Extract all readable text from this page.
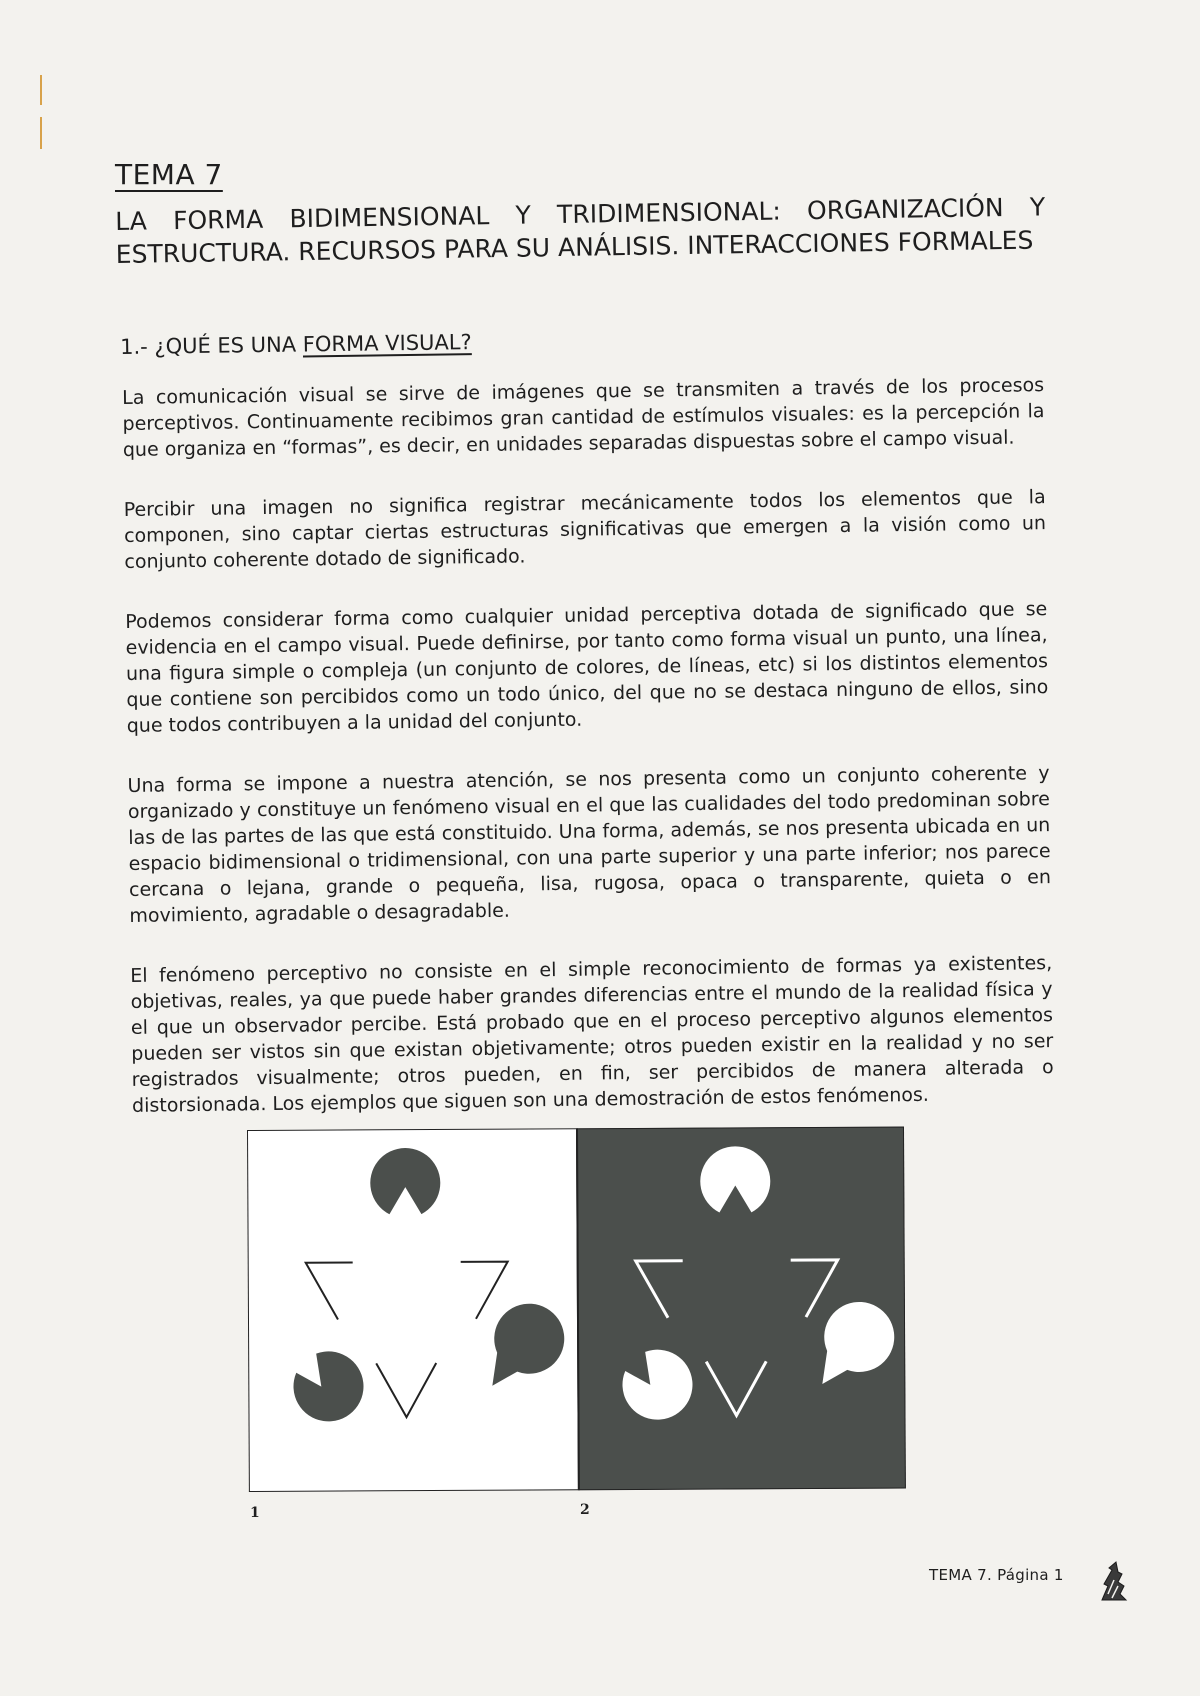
TEMA 7
LA FORMA BIDIMENSIONAL Y TRIDIMENSIONAL: ORGANIZACIÓN Y ESTRUCTURA. RECURSOS PARA SU ANÁLISIS. INTERACCIONES FORMALES
1.- ¿QUÉ ES UNA FORMA VISUAL?

La comunicación visual se sirve de imágenes que se transmiten a través de los procesos perceptivos. Continuamente recibimos gran cantidad de estímulos visuales: es la percepción la que organiza en “formas”, es decir, en unidades separadas dispuestas sobre el campo visual.

Percibir una imagen no significa registrar mecánicamente todos los elementos que la componen, sino captar ciertas estructuras significativas que emergen a la visión como un conjunto coherente dotado de significado.

Podemos considerar forma como cualquier unidad perceptiva dotada de significado que se evidencia en el campo visual. Puede definirse, por tanto como forma visual un punto, una línea, una figura simple o compleja (un conjunto de colores, de líneas, etc) si los distintos elementos que contiene son percibidos como un todo único, del que no se destaca ninguno de ellos, sino que todos contribuyen a la unidad del conjunto.

Una forma se impone a nuestra atención, se nos presenta como un conjunto coherente y organizado y constituye un fenómeno visual en el que las cualidades del todo predominan sobre las de las partes de las que está constituido. Una forma, además, se nos presenta ubicada en un espacio bidimensional o tridimensional, con una parte superior y una parte inferior; nos parece cercana o lejana, grande o pequeña, lisa, rugosa, opaca o transparente, quieta o en movimiento, agradable o desagradable.

El fenómeno perceptivo no consiste en el simple reconocimiento de formas ya existentes, objetivas, reales, ya que puede haber grandes diferencias entre el mundo de la realidad física y el que un observador percibe. Está probado que en el proceso perceptivo algunos elementos pueden ser vistos sin que existan objetivamente; otros pueden existir en la realidad y no ser registrados visualmente; otros pueden, en fin, ser percibidos de manera alterada o distorsionada. Los ejemplos que siguen son una demostración de estos fenómenos.

1	2
TEMA 7. Página 1
